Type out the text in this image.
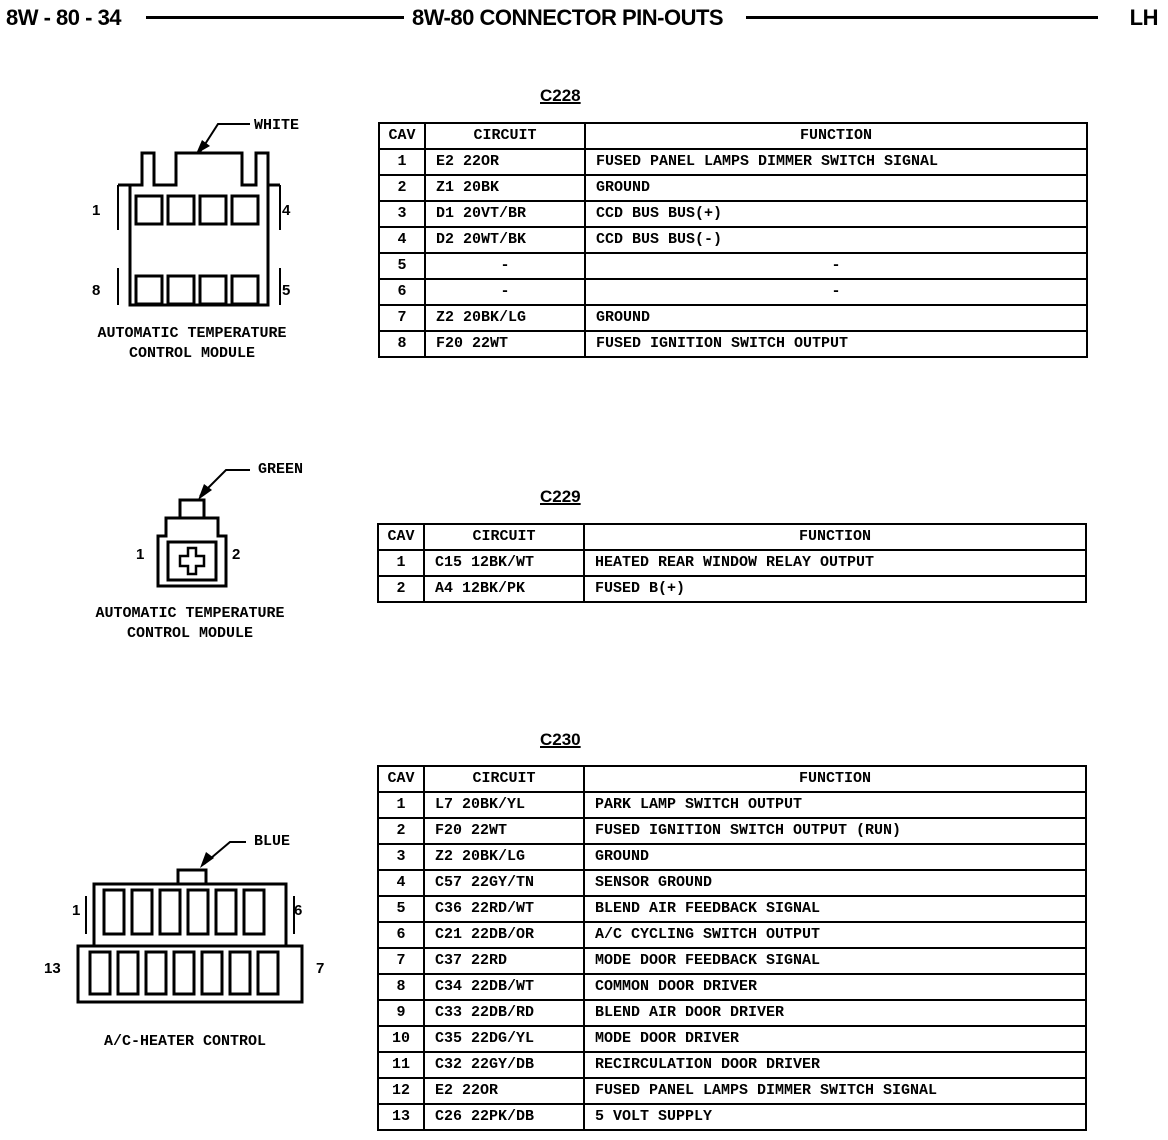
8W - 80 - 34	8W-80 CONNECTOR PIN-OUTS	LH
C228
WHITE
1	4
8	5
AUTOMATIC TEMPERATURE
CONTROL MODULE
CAV	CIRCUIT	FUNCTION
1	E2 22OR	FUSED PANEL LAMPS DIMMER SWITCH SIGNAL
2	Z1 20BK	GROUND
3	D1 20VT/BR	CCD BUS BUS(+)
4	D2 20WT/BK	CCD BUS BUS(-)
5	-	-
6	-	-
7	Z2 20BK/LG	GROUND
8	F20 22WT	FUSED IGNITION SWITCH OUTPUT
C229
GREEN
1	2
AUTOMATIC TEMPERATURE
CONTROL MODULE
CAV	CIRCUIT	FUNCTION
1	C15 12BK/WT	HEATED REAR WINDOW RELAY OUTPUT
2	A4 12BK/PK	FUSED B(+)
C230
BLUE
1	6
13	7
A/C-HEATER CONTROL
CAV	CIRCUIT	FUNCTION
1	L7 20BK/YL	PARK LAMP SWITCH OUTPUT
2	F20 22WT	FUSED IGNITION SWITCH OUTPUT (RUN)
3	Z2 20BK/LG	GROUND
4	C57 22GY/TN	SENSOR GROUND
5	C36 22RD/WT	BLEND AIR FEEDBACK SIGNAL
6	C21 22DB/OR	A/C CYCLING SWITCH OUTPUT
7	C37 22RD	MODE DOOR FEEDBACK SIGNAL
8	C34 22DB/WT	COMMON DOOR DRIVER
9	C33 22DB/RD	BLEND AIR DOOR DRIVER
10	C35 22DG/YL	MODE DOOR DRIVER
11	C32 22GY/DB	RECIRCULATION DOOR DRIVER
12	E2 22OR	FUSED PANEL LAMPS DIMMER SWITCH SIGNAL
13	C26 22PK/DB	5 VOLT SUPPLY
